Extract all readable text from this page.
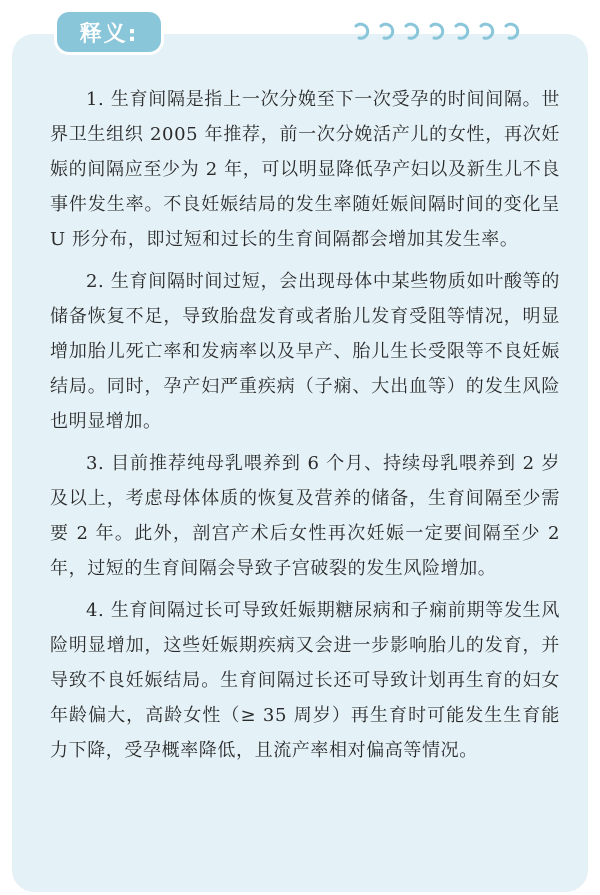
释义:

1. 生育间隔是指上一次分娩至下一次受孕的时间间隔。世界卫生组织 2005 年推荐，前一次分娩活产儿的女性，再次妊娠的间隔应至少为 2 年，可以明显降低孕产妇以及新生儿不良事件发生率。不良妊娠结局的发生率随妊娠间隔时间的变化呈 U 形分布，即过短和过长的生育间隔都会增加其发生率。

2. 生育间隔时间过短，会出现母体中某些物质如叶酸等的储备恢复不足，导致胎盘发育或者胎儿发育受阻等情况，明显增加胎儿死亡率和发病率以及早产、胎儿生长受限等不良妊娠结局。同时，孕产妇严重疾病（子痫、大出血等）的发生风险也明显增加。

3. 目前推荐纯母乳喂养到 6 个月、持续母乳喂养到 2 岁及以上，考虑母体体质的恢复及营养的储备，生育间隔至少需要 2 年。此外，剖宫产术后女性再次妊娠一定要间隔至少 2 年，过短的生育间隔会导致子宫破裂的发生风险增加。

4. 生育间隔过长可导致妊娠期糖尿病和子痫前期等发生风险明显增加，这些妊娠期疾病又会进一步影响胎儿的发育，并导致不良妊娠结局。生育间隔过长还可导致计划再生育的妇女年龄偏大，高龄女性（≥ 35 周岁）再生育时可能发生生育能力下降，受孕概率降低，且流产率相对偏高等情况。
